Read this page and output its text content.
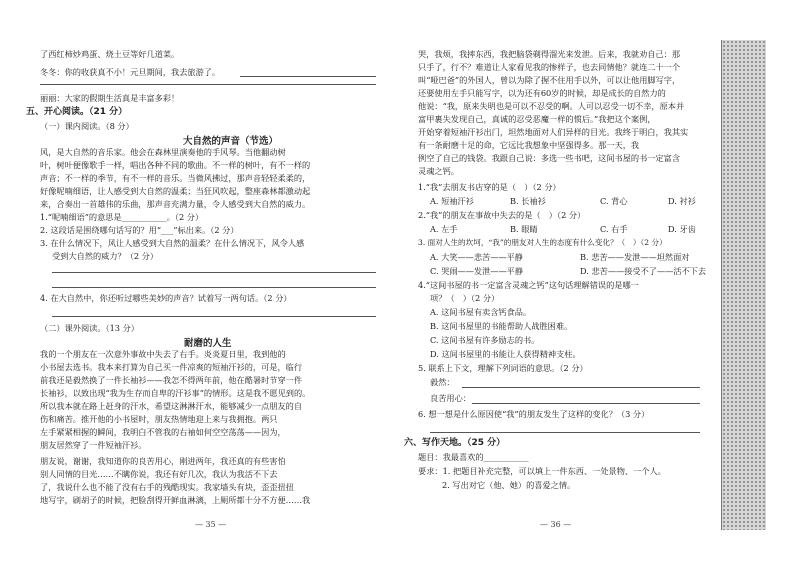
了西红柿炒鸡蛋、烧土豆等好几道菜。
冬冬：你的收获真不小！元旦期间，我去旅游了。
丽丽：大家的假期生活真是丰富多彩！
五、开心阅读。（21 分）
（一）课内阅读。（8 分）
大自然的声音（节选）
风，是大自然的音乐家。他会在森林里演奏他的手风琴。当他翻动树
叶，树叶便像歌手一样，唱出各种不同的歌曲。不一样的树叶，有不一样的
声音；不一样的季节，有不一样的音乐。当微风拂过，那声音轻轻柔柔的，
好像呢喃细语，让人感受到大自然的温柔；当狂风吹起，整座森林都激动起
来，合奏出一首雄伟的乐曲，那声音充满力量，令人感受到大自然的威力。
1.“呢喃细语”的意思是___________。（2 分）
2. 这段话是围绕哪句话写的？用“___”标出来。（2 分）
3. 在什么情况下，风让人感受到大自然的温柔？在什么情况下，风令人感
受到大自然的威力？（2 分）
4. 在大自然中，你还听过哪些美妙的声音？试着写一两句话。（2 分）
（二）课外阅读。（13 分）
耐磨的人生
我的一个朋友在一次意外事故中失去了右手。炎炎夏日里，我到他的
小书屋去选书。我本来打算为自己买一件凉爽的短袖汗衫的，可是，临行
前我还是毅然换了一件长袖衫——我怎不得两年前，他在酷暑时节穿一件
长袖衫，以致出现“我为生存而自卑的汗衫事”的情形。这是我不愿见到的。
所以我本就在路上赶身的汗水，希望这淋淋汗水，能够减少一点朋友的自
伤和痛苦。推开他的小书屋时，朋友热情地迎上来与我拥抱。两只
左手紧紧相握的瞬间，我明白不管我的右袖如何空空荡荡——因为，
朋友居然穿了一件短袖汗衫。
朋友说，谢谢，我知道你的良苦用心，刚进两年，我还真的有些害怕
别人同情的目光……不瞒你说，我还有好几次，我认为我活不下去
了，我说什么也不能了没有右手的残酷现实。我家墙头有块，歪歪扭扭
地写字，刷胡子的时候，把脸刮得开鲜血淋漓，上厕所都十分不方便……我
— 35 —
哭，我烦，我摔东西，我把脑袋剃得溜光来发泄。后来，我就劝自己：那
只手了，行不？难道让人家看见我的惨样子，也去同情他？就连二十一个
叫“哑巴爸”的外国人，曾以为除了握不住用手以外，可以让他用脚写字，
还要使用左手只能写字，以为还有60岁的时候，却是成长的自然力的
他说：“我，原来失明也是可以不忍受的啊。人可以忍受一切不幸，原本并
富甲裹失发现自己，真诚的忍受恶魔一样的惯后。”我把这个案例，
开始穿着短袖汗衫出门，坦然地面对人们异样的目光。我终于明白，我其实
有一条耐磨十足的命，它远比我想象中坚强得多。那一天，我
例空了自己的钱袋。我跟自己说：多选一些书吧，这间书屋的书一定富含
灵魂之钙。
1.“我”去朋友书店穿的是（　）（2 分）
A. 短袖汗衫	B. 长袖衫	C. 背心	D. 衬衫
2.“我”的朋友在事故中失去的是（　）（2 分）
A. 左手	B. 眼睛	C. 右手	D. 牙齿
3. 面对人生的坎坷，“我”的朋友对人生的态度有什么变化？（　）（2 分）
A. 大笑——悲苦——平静	B. 悲苦——发泄——坦然面对
C. 哭闹——发泄——平静	D. 悲苦——接受不了——活不下去
4.“这间书屋的书一定富含灵魂之钙”这句话理解错误的是哪一
项？（　）（2 分）
A. 这间书屋有卖含钙食品。
B. 这间书屋里的书能帮助人战胜困难。
C. 这间书屋有许多励志的书。
D. 这间书屋里的书能让人获得精神支柱。
5. 联系上下文，理解下列词语的意思。（2 分）
毅然：
良苦用心：
6. 想一想是什么原因使“我”的朋友发生了这样的变化？（3 分）
六、写作天地。（25 分）
题目：我最喜欢的___________
要求：1. 把题目补充完整，可以填上一件东西、一处景物、一个人。
2. 写出对它（他、她）的喜爱之情。
— 36 —
